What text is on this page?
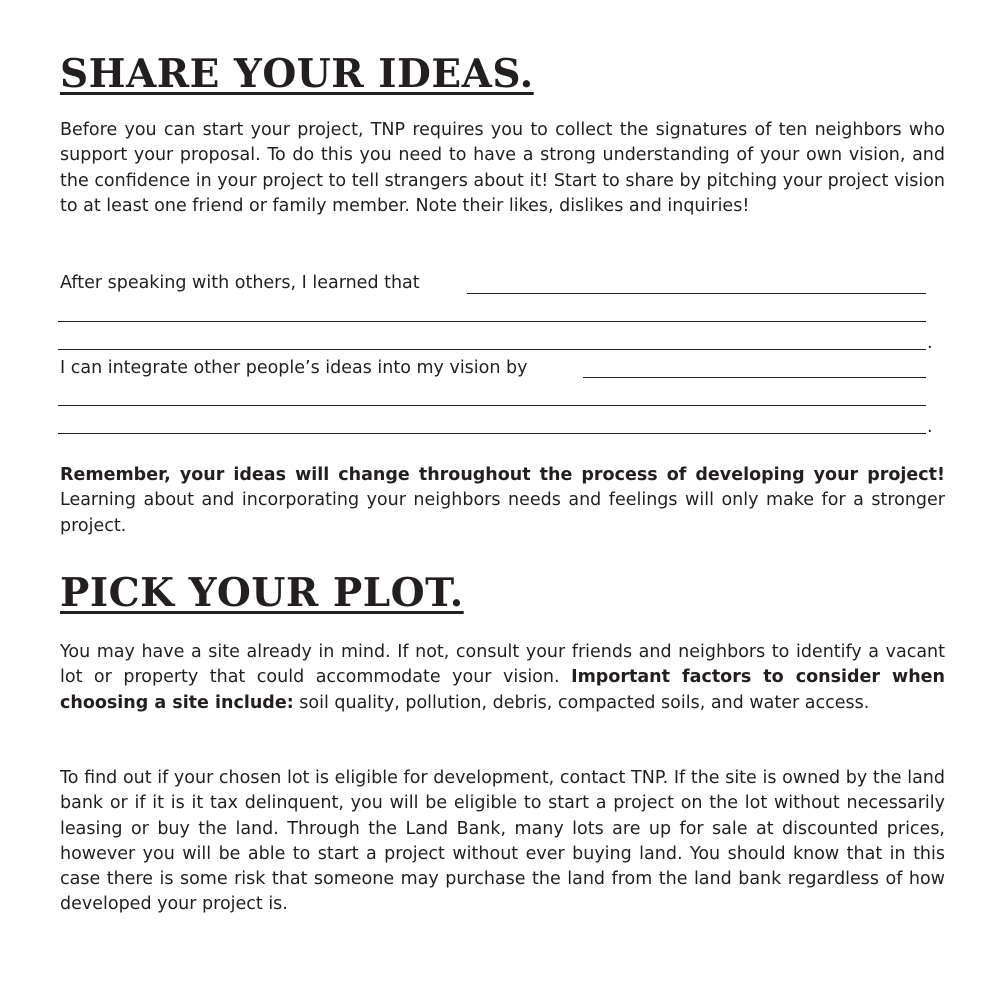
SHARE YOUR IDEAS.

Before you can start your project, TNP requires you to collect the signatures of ten neighbors who support your proposal. To do this you need to have a strong understanding of your own vision, and the confidence in your project to tell strangers about it! Start to share by pitching your project vision to at least one friend or family member. Note their likes, dislikes and inquiries!

After speaking with others, I learned that
.
I can integrate other people’s ideas into my vision by
.

Remember, your ideas will change throughout the process of developing your project! Learning about and incorporating your neighbors needs and feelings will only make for a stronger project.

PICK YOUR PLOT.

You may have a site already in mind. If not, consult your friends and neighbors to identify a vacant lot or property that could accommodate your vision. Important factors to consider when choosing a site include: soil quality, pollution, debris, compacted soils, and water access.

To find out if your chosen lot is eligible for development, contact TNP. If the site is owned by the land bank or if it is it tax delinquent, you will be eligible to start a project on the lot without necessarily leasing or buy the land. Through the Land Bank, many lots are up for sale at discounted prices, however you will be able to start a project without ever buying land. You should know that in this case there is some risk that someone may purchase the land from the land bank regardless of how developed your project is.
